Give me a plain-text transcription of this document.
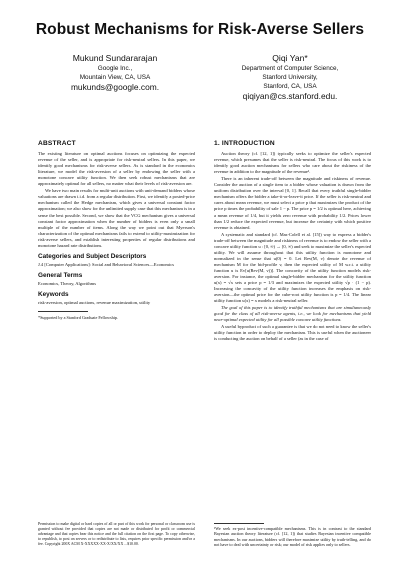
Robust Mechanisms for Risk-Averse Sellers
Mukund Sundararajan
Google Inc.,
Mountain View, CA, USA
mukunds@google.com.
Qiqi Yan*
Department of Computer Science,
Stanford University,
Stanford, CA, USA
qiqiyan@cs.stanford.edu.
ABSTRACT

The existing literature on optimal auctions focuses on optimizing the expected revenue of the seller, and is appropriate for risk-neutral sellers. In this paper, we identify good mechanisms for risk-averse sellers. As is standard in the economics literature, we model the risk-aversion of a seller by endowing the seller with a monotone concave utility function. We then seek robust mechanisms that are approximately optimal for all sellers, no matter what their levels of risk-aversion are.

We have two main results for multi-unit auctions with unit-demand bidders whose valuations are drawn i.i.d. from a regular distribution. First, we identify a posted-price mechanism called the Hedge mechanism, which gives a universal constant factor approximation; we also show for the unlimited supply case that this mechanism is in a sense the best possible. Second, we show that the VCG mechanism gives a universal constant factor approximation when the number of bidders is even only a small multiple of the number of items. Along the way we point out that Myerson's characterization of the optimal mechanisms fails to extend to utility-maximization for risk-averse sellers, and establish interesting properties of regular distributions and monotone hazard rate distributions.

Categories and Subject Descriptors

J.4 [Computer Applications]: Social and Behavioral Sciences—Economics

General Terms

Economics, Theory, Algorithms

Keywords

risk-aversion, optimal auctions, revenue maximization, utility

*Supported by a Stanford Graduate Fellowship.

Permission to make digital or hard copies of all or part of this work for personal or classroom use is granted without fee provided that copies are not made or distributed for profit or commercial advantage and that copies bear this notice and the full citation on the first page. To copy otherwise, to republish, to post on servers or to redistribute to lists, requires prior specific permission and/or a fee. Copyright 200X ACM X-XXXXX-XX-X/XX/XX ...$10.00.
1. INTRODUCTION

Auction theory (cf. [12, 1]) typically seeks to optimize the seller's expected revenue, which presumes that the seller is risk-neutral. The focus of this work is to identify good auction mechanisms for sellers who care about the riskiness of the revenue in addition to the magnitude of the revenue¹.

There is an inherent trade-off between the magnitude and riskiness of revenue. Consider the auction of a single item to a bidder whose valuation is drawn from the uniform distribution over the interval [0, 1]. Recall that every truthful single-bidder mechanism offers the bidder a take-it-or-leave-it price. If the seller is risk-neutral and cares about mean revenue, we must select a price p that maximizes the product of the price p times the probability of sale 1 − p. The price p = 1/2 is optimal here, achieving a mean revenue of 1/4, but it yields zero revenue with probability 1/2. Prices lower than 1/2 reduce the expected revenue, but increase the certainty with which positive revenue is obtained.

A systematic and standard (cf. Mas-Colell et al. [15]) way to express a bidder's trade-off between the magnitude and riskiness of revenue is to endow the seller with a concave utility function u : [0, ∞) → [0, ∞) and seek to maximize the seller's expected utility. We will assume throughout that this utility function is monotone and normalized in the sense that u(0) = 0. Let Rev(M, v) denote the revenue of mechanism M for the bid-profile v, then the expected utility of M w.r.t. a utility function u is Ev[u(Rev(M, v))]. The concavity of the utility function models risk-aversion. For instance, the optimal single-bidder mechanism for the utility function u(x) = √x sets a price p = 1/3 and maximizes the expected utility √p · (1 − p). Increasing the concavity of the utility function increases the emphasis on risk-aversion—the optimal price for the cube-root utility function is p = 1/4. The linear utility function u(x) = x models a risk-neutral seller.

The goal of this paper is to identify truthful mechanisms that are simultaneously good for the class of all risk-averse agents, i.e., we look for mechanisms that yield near-optimal expected utility for all possible concave utility functions.

A useful byproduct of such a guarantee is that we do not need to know the seller's utility function in order to deploy the mechanism. This is useful when the auctioneer is conducting the auction on behalf of a seller (as in the case of

¹We seek ex-post incentive-compatible mechanisms. This is in contrast to the standard Bayesian auction theory literature (cf. [12, 1]) that studies Bayesian incentive compatible mechanisms. In our auctions, bidders will therefore maximize utility by truth-telling, and do not have to deal with uncertainty or risk; our model of risk applies only to sellers.
